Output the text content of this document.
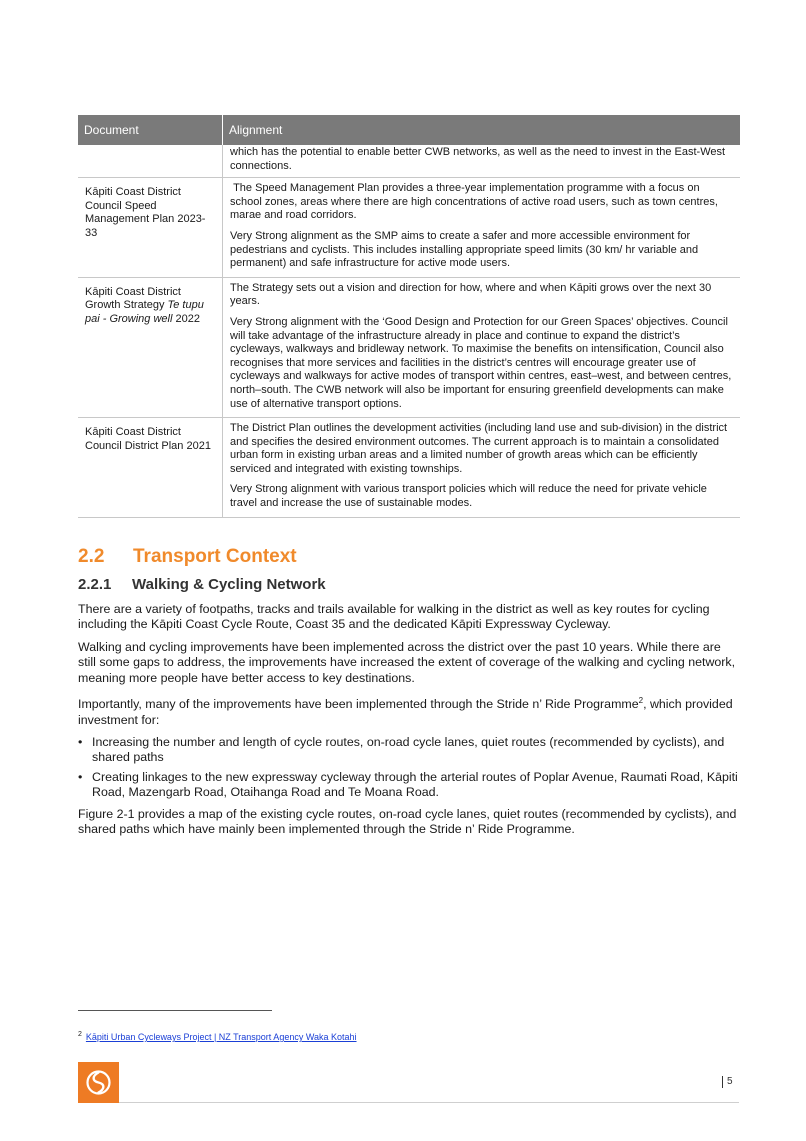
Document	Alignment

	which has the potential to enable better CWB networks, as well as the need to invest in the East-West connections.

Kāpiti Coast District Council Speed Management Plan 2023-33	The Speed Management Plan provides a three-year implementation programme with a focus on school zones, areas where there are high concentrations of active road users, such as town centres, marae and road corridors.

Very Strong alignment as the SMP aims to create a safer and more accessible environment for pedestrians and cyclists. This includes installing appropriate speed limits (30 km/ hr variable and permanent) and safe infrastructure for active mode users.

Kāpiti Coast District Growth Strategy Te tupu pai - Growing well 2022	The Strategy sets out a vision and direction for how, where and when Kāpiti grows over the next 30 years.

Very Strong alignment with the ‘Good Design and Protection for our Green Spaces’ objectives. Council will take advantage of the infrastructure already in place and continue to expand the district’s cycleways, walkways and bridleway network. To maximise the benefits on intensification, Council also recognises that more services and facilities in the district’s centres will encourage greater use of cycleways and walkways for active modes of transport within centres, east–west, and between centres, north–south. The CWB network will also be important for ensuring greenfield developments can make use of alternative transport options.

Kāpiti Coast District Council District Plan 2021	The District Plan outlines the development activities (including land use and sub-division) in the district and specifies the desired environment outcomes. The current approach is to maintain a consolidated urban form in existing urban areas and a limited number of growth areas which can be efficiently serviced and integrated with existing townships.

Very Strong alignment with various transport policies which will reduce the need for private vehicle travel and increase the use of sustainable modes.

2.2 Transport Context
2.2.1 Walking & Cycling Network

There are a variety of footpaths, tracks and trails available for walking in the district as well as key routes for cycling including the Kāpiti Coast Cycle Route, Coast 35 and the dedicated Kāpiti Expressway Cycleway.

Walking and cycling improvements have been implemented across the district over the past 10 years. While there are still some gaps to address, the improvements have increased the extent of coverage of the walking and cycling network, meaning more people have better access to key destinations.

Importantly, many of the improvements have been implemented through the Stride n’ Ride Programme$^2$, which provided investment for:

• Increasing the number and length of cycle routes, on-road cycle lanes, quiet routes (recommended by cyclists), and shared paths
• Creating linkages to the new expressway cycleway through the arterial routes of Poplar Avenue, Raumati Road, Kāpiti Road, Mazengarb Road, Otaihanga Road and Te Moana Road.

Figure 2-1 provides a map of the existing cycle routes, on-road cycle lanes, quiet routes (recommended by cyclists), and shared paths which have mainly been implemented through the Stride n’ Ride Programme.

$^2$ Kāpiti Urban Cycleways Project | NZ Transport Agency Waka Kotahi
5
